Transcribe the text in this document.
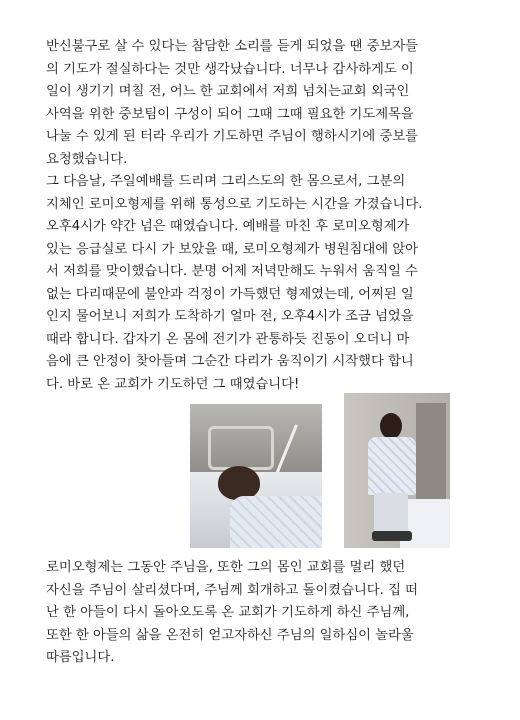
반신불구로 살 수 있다는 참담한 소리를 듣게 되었을 땐 중보자들
의 기도가 절실하다는 것만 생각났습니다. 너무나 감사하게도 이
일이 생기기 며칠 전, 어느 한 교회에서 저희 넘치는교회 외국인
사역을 위한 중보팀이 구성이 되어 그때 그때 필요한 기도제목을
나눌 수 있게 된 터라 우리가 기도하면 주님이 행하시기에 중보를
요청했습니다.
그 다음날, 주일예배를 드리며 그리스도의 한 몸으로서, 그분의
지체인 로미오형제를 위해 통성으로 기도하는 시간을 가졌습니다.
오후4시가 약간 넘은 때였습니다. 예배를 마친 후 로미오형제가
있는 응급실로 다시 가 보았을 때, 로미오형제가 병원침대에 앉아
서 저희를 맞이했습니다. 분명 어제 저녁만해도 누워서 움직일 수
없는 다리때문에 불안과 걱정이 가득했던 형제였는데, 어찌된 일
인지 물어보니 저희가 도착하기 얼마 전, 오후4시가 조금 넘었을
때라 합니다. 갑자기 온 몸에 전기가 관통하듯 진동이 오더니 마
음에 큰 안정이 찾아들며 그순간 다리가 움직이기 시작했다 합니
다. 바로 온 교회가 기도하던 그 때였습니다!

로미오형제는 그동안 주님을, 또한 그의 몸인 교회를 멀리 했던
자신을 주님이 살리셨다며, 주님께 회개하고 돌이켰습니다. 집 떠
난 한 아들이 다시 돌아오도록 온 교회가 기도하게 하신 주님께,
또한 한 아들의 삶을 온전히 얻고자하신 주님의 일하심이 놀라울
따름입니다.
